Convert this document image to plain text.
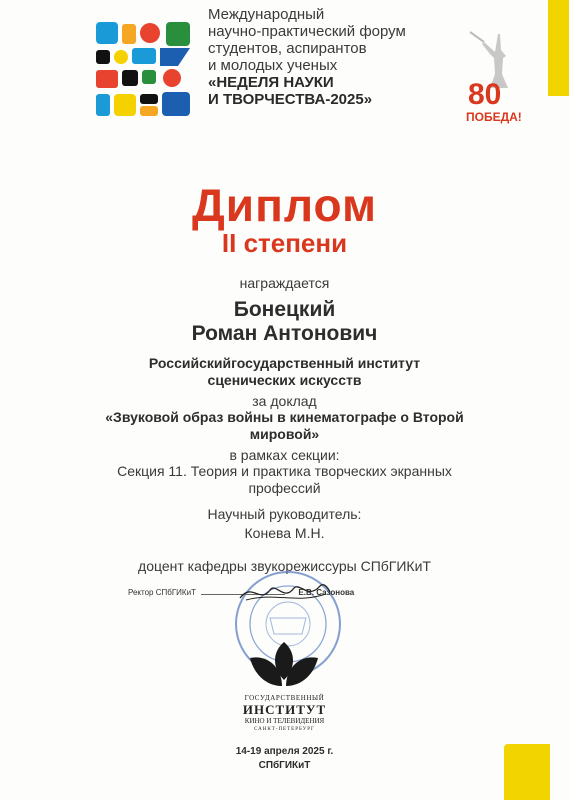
Международный
научно-практический форум
студентов, аспирантов
и молодых ученых
«НЕДЕЛЯ НАУКИ
И ТВОРЧЕСТВА-2025»	80
ПОБЕДА!
Диплом
II степени
награждается
Бонецкий
Роман Антонович
Российскийгосударственный институт
сценических искусств
за доклад
«Звуковой образ войны в кинематографе о Второй
мировой»
в рамках секции:
Секция 11. Теория и практика творческих экранных
профессий
Научный руководитель:
Конева М.Н.
доцент кафедры звукорежиссуры СПбГИКиТ
Ректор СПбГИКиТ	Е.В. Сазонова
ГОСУДАРСТВЕННЫЙ
ИНСТИТУТ
КИНО И ТЕЛЕВИДЕНИЯ
САНКТ-ПЕТЕРБУРГ
14-19 апреля 2025 г.
СПбГИКиТ
